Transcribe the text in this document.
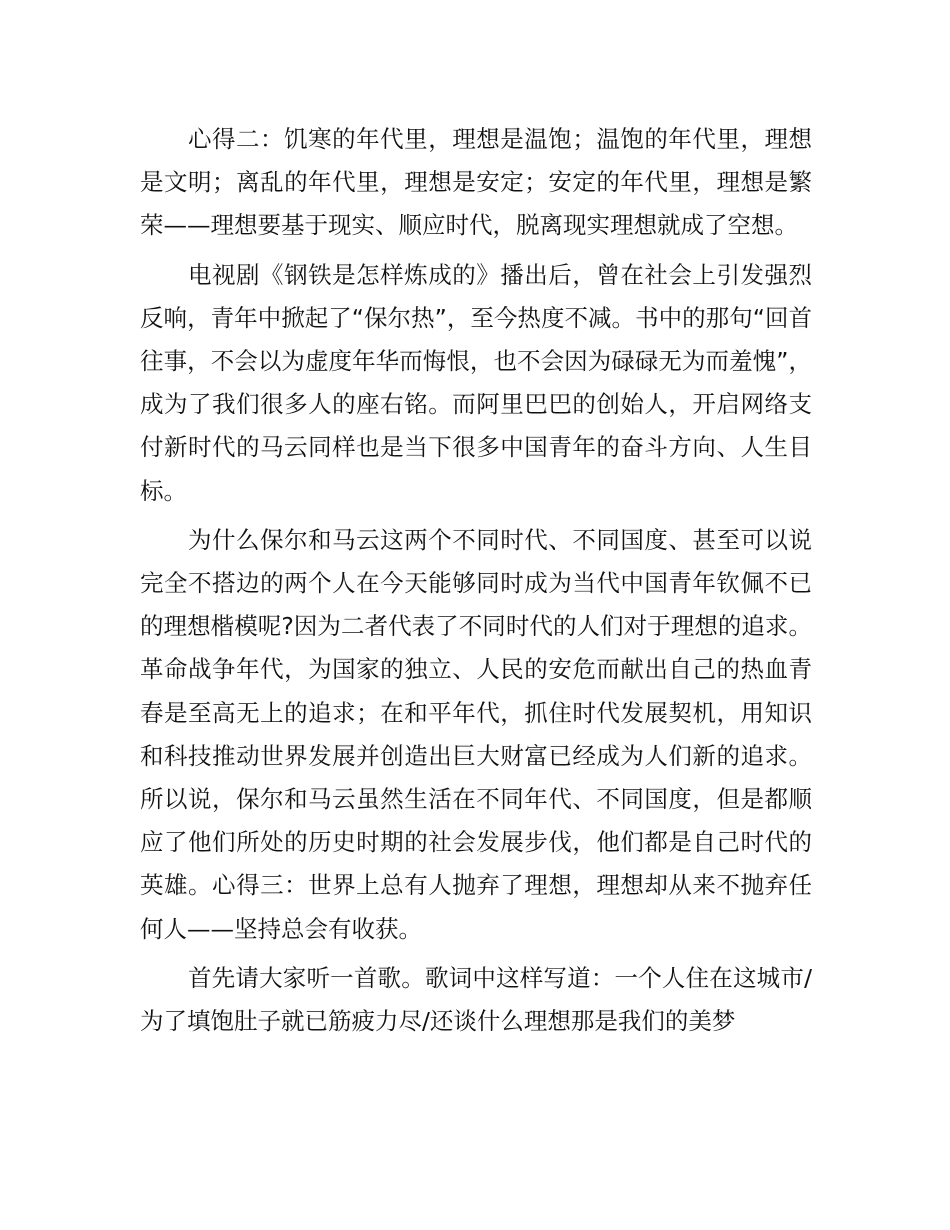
心得二：饥寒的年代里，理想是温饱；温饱的年代里，理想是文明；离乱的年代里，理想是安定；安定的年代里，理想是繁荣——理想要基于现实、顺应时代，脱离现实理想就成了空想。

电视剧《钢铁是怎样炼成的》播出后，曾在社会上引发强烈反响，青年中掀起了“保尔热”，至今热度不减。书中的那句“回首往事，不会以为虚度年华而悔恨，也不会因为碌碌无为而羞愧”，成为了我们很多人的座右铭。而阿里巴巴的创始人，开启网络支付新时代的马云同样也是当下很多中国青年的奋斗方向、人生目标。

为什么保尔和马云这两个不同时代、不同国度、甚至可以说完全不搭边的两个人在今天能够同时成为当代中国青年钦佩不已的理想楷模呢?因为二者代表了不同时代的人们对于理想的追求。革命战争年代，为国家的独立、人民的安危而献出自己的热血青春是至高无上的追求；在和平年代，抓住时代发展契机，用知识和科技推动世界发展并创造出巨大财富已经成为人们新的追求。所以说，保尔和马云虽然生活在不同年代、不同国度，但是都顺应了他们所处的历史时期的社会发展步伐，他们都是自己时代的英雄。心得三：世界上总有人抛弃了理想，理想却从来不抛弃任何人——坚持总会有收获。

首先请大家听一首歌。歌词中这样写道：一个人住在这城市/为了填饱肚子就已筋疲力尽/还谈什么理想那是我们的美梦
